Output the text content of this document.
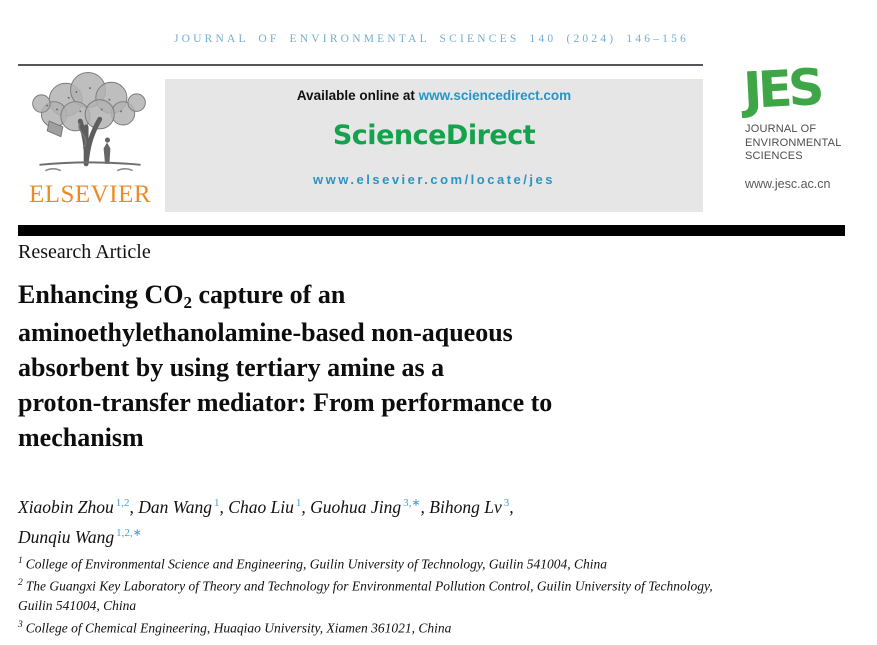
JOURNAL OF ENVIRONMENTAL SCIENCES 140 (2024) 146–156
ELSEVIER
Available online at www.sciencedirect.com
ScienceDirect
www.elsevier.com/locate/jes
JES
JOURNAL OF
ENVIRONMENTAL
SCIENCES
www.jesc.ac.cn
Research Article
Enhancing CO2 capture of an
aminoethylethanolamine-based non-aqueous
absorbent by using tertiary amine as a
proton-transfer mediator: From performance to
mechanism
Xiaobin Zhou $^{1,2}$, Dan Wang $^1$, Chao Liu $^1$, Guohua Jing $^{3,∗}$, Bihong Lv $^3$,
Dunqiu Wang $^{1,2,∗}$
$^1$ College of Environmental Science and Engineering, Guilin University of Technology, Guilin 541004, China
$^2$ The Guangxi Key Laboratory of Theory and Technology for Environmental Pollution Control, Guilin University of Technology, Guilin 541004, China
$^3$ College of Chemical Engineering, Huaqiao University, Xiamen 361021, China
